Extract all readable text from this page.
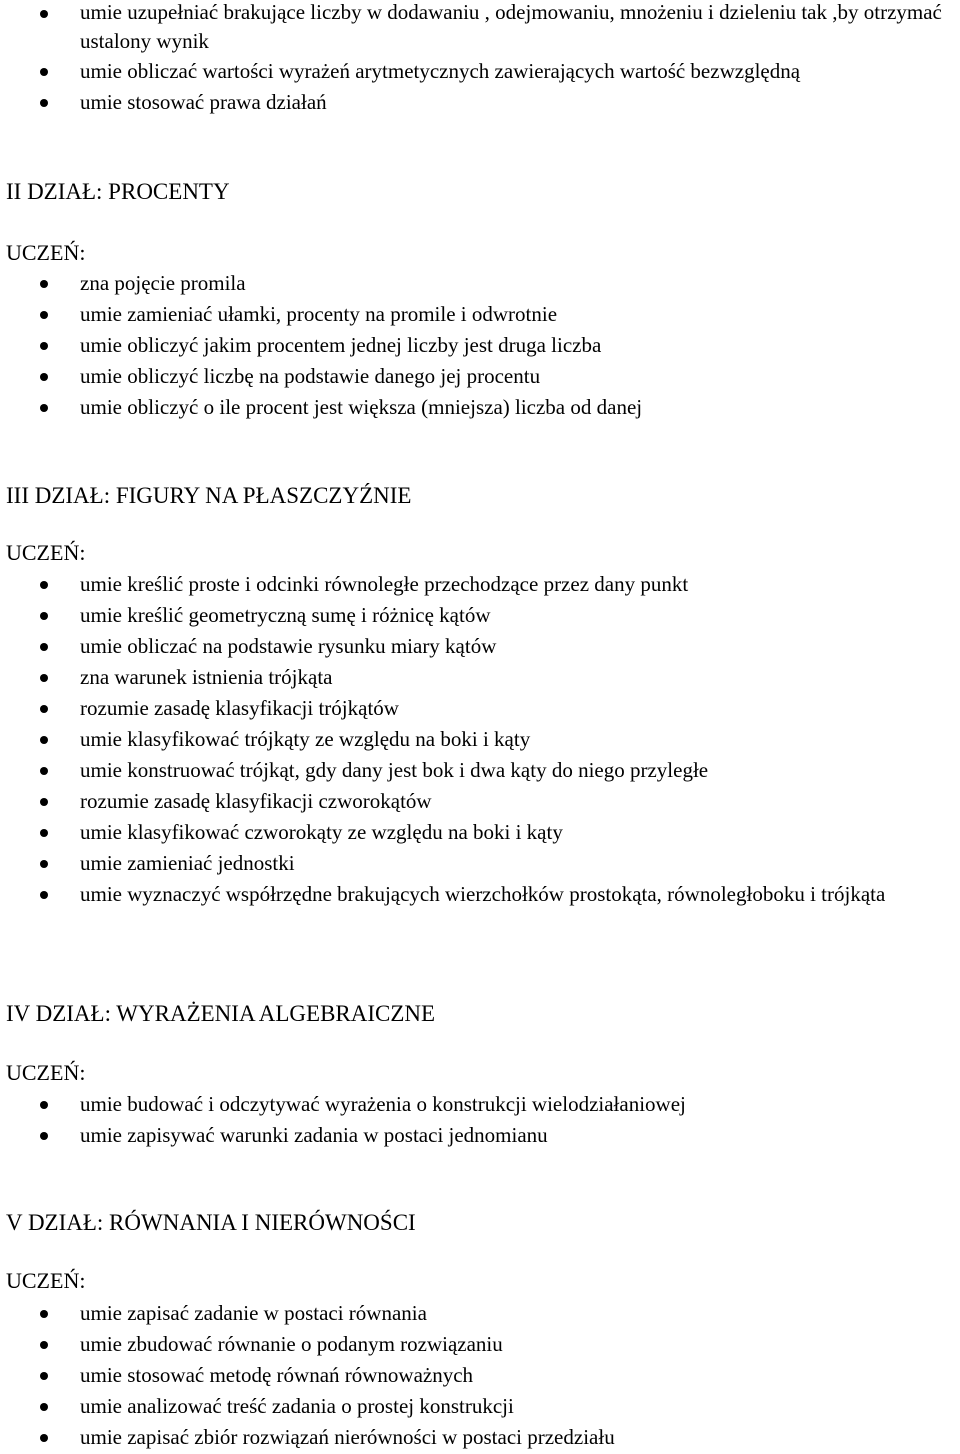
umie uzupełniać brakujące liczby w dodawaniu , odejmowaniu, mnożeniu i dzieleniu tak ,by otrzymać ustalony wynik
umie obliczać wartości wyrażeń arytmetycznych zawierających wartość bezwzględną
umie stosować prawa działań
II DZIAŁ: PROCENTY
UCZEŃ:
zna pojęcie promila
umie zamieniać ułamki, procenty na promile i odwrotnie
umie obliczyć jakim procentem jednej liczby jest druga liczba
umie obliczyć liczbę na podstawie danego jej procentu
umie obliczyć o ile procent jest większa (mniejsza) liczba od danej
III DZIAŁ: FIGURY NA PŁASZCZYŹNIE
UCZEŃ:
umie kreślić proste i odcinki równoległe przechodzące przez dany punkt
umie kreślić geometryczną sumę i różnicę kątów
umie obliczać na podstawie rysunku miary kątów
zna warunek istnienia trójkąta
rozumie zasadę klasyfikacji trójkątów
umie klasyfikować trójkąty ze względu na boki i kąty
umie konstruować trójkąt, gdy dany jest bok i dwa kąty do niego przyległe
rozumie zasadę klasyfikacji czworokątów
umie klasyfikować czworokąty ze względu na boki i kąty
umie zamieniać jednostki
umie wyznaczyć współrzędne brakujących wierzchołków prostokąta, równoległoboku i trójkąta
IV DZIAŁ: WYRAŻENIA ALGEBRAICZNE
UCZEŃ:
umie budować i odczytywać wyrażenia o konstrukcji wielodziałaniowej
umie zapisywać warunki zadania w postaci jednomianu
V DZIAŁ: RÓWNANIA I NIERÓWNOŚCI
UCZEŃ:
umie zapisać zadanie w postaci równania
umie zbudować równanie o podanym rozwiązaniu
umie stosować metodę równań równoważnych
umie analizować treść zadania o prostej konstrukcji
umie zapisać zbiór rozwiązań nierówności w postaci przedziału
